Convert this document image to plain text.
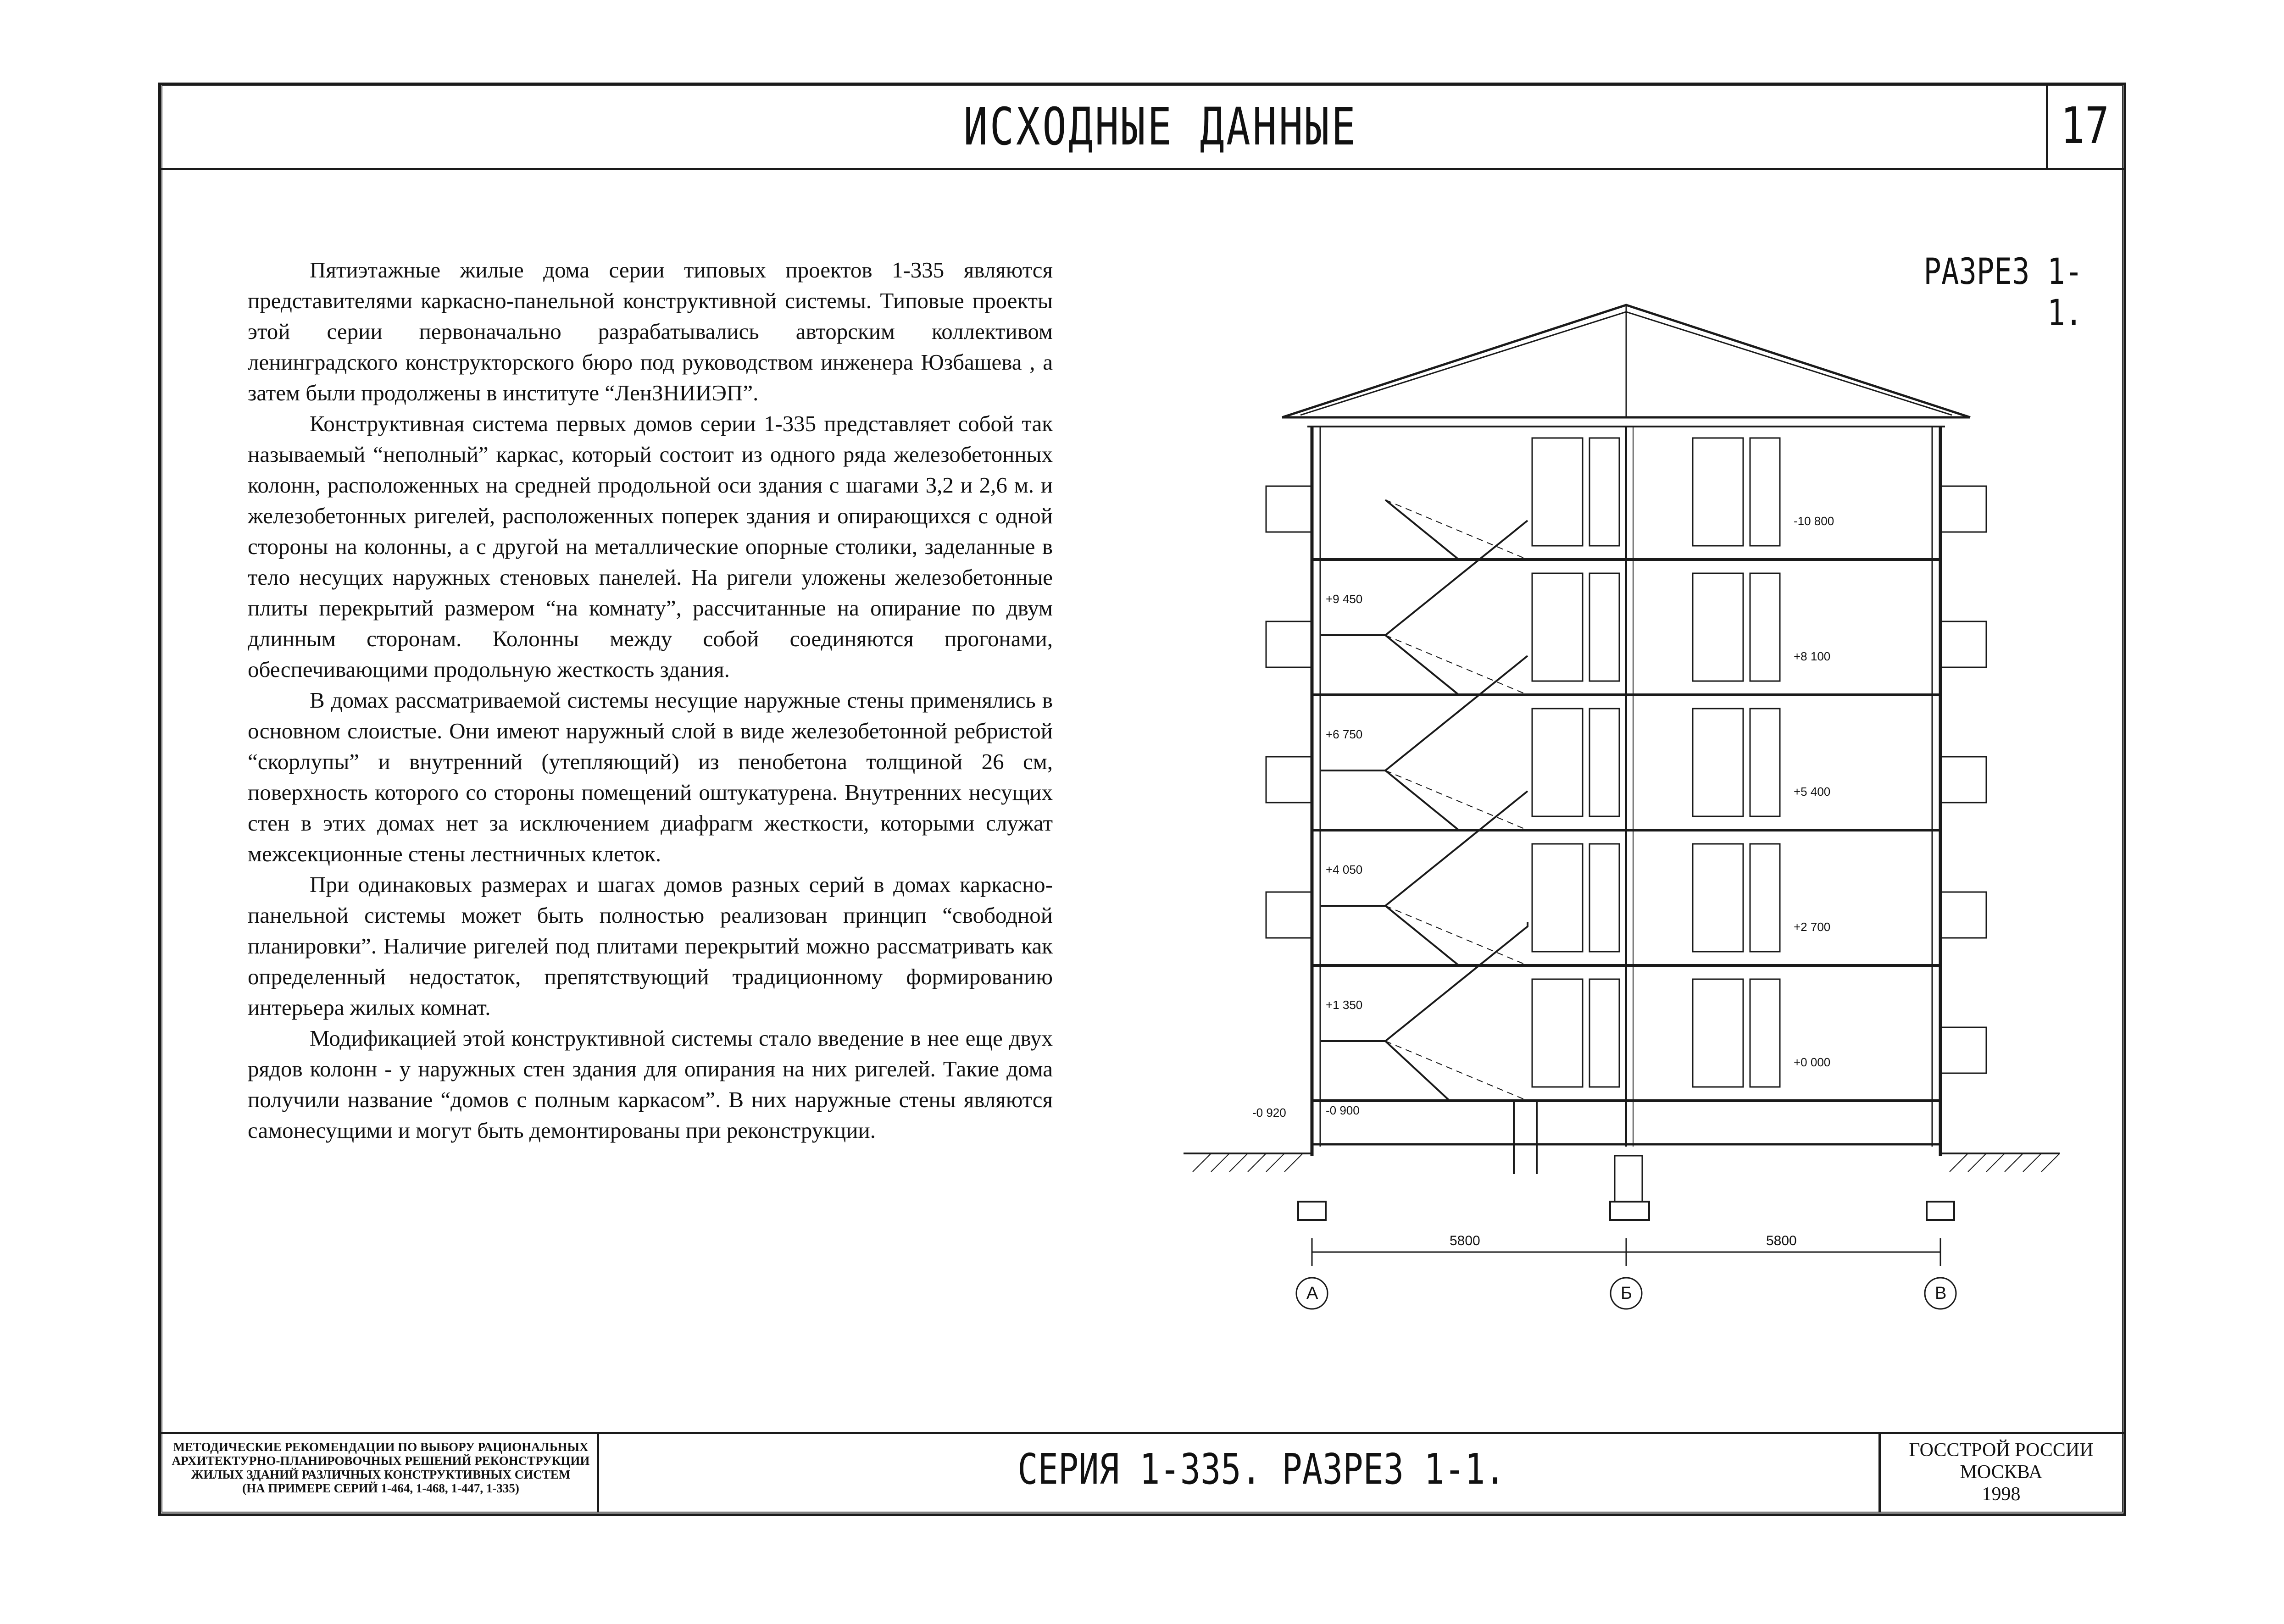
ИСХОДНЫЕ ДАННЫЕ	17

Пятиэтажные жилые дома серии типовых проектов 1-335 являются представителями каркасно-панельной конструктивной системы. Типовые проекты этой серии первоначально разрабатывались авторским коллективом ленинградского конструкторского бюро под руководством инженера Юзбашева , а затем были продолжены в институте “ЛенЗНИИЭП”.

Конструктивная система первых домов серии 1-335 представляет собой так называемый “неполный” каркас, который состоит из одного ряда железобетонных колонн, расположенных на средней продольной оси здания с шагами 3,2 и 2,6 м. и железобетонных ригелей, расположенных поперек здания и опирающихся с одной стороны на колонны, а с другой на металлические опорные столики, заделанные в тело несущих наружных стеновых панелей. На ригели уложены железобетонные плиты перекрытий размером “на комнату”, рассчитанные на опирание по двум длинным сторонам. Колонны между собой соединяются прогонами, обеспечивающими продольную жесткость здания.

В домах рассматриваемой системы несущие наружные стены применялись в основном слоистые. Они имеют наружный слой в виде железобетонной ребристой “скорлупы” и внутренний (утепляющий) из пенобетона толщиной 26 см, поверхность которого со стороны помещений оштукатурена. Внутренних несущих стен в этих домах нет за исключением диафрагм жесткости, которыми служат межсекционные стены лестничных клеток.

При одинаковых размерах и шагах домов разных серий в домах каркасно-панельной системы может быть полностью реализован принцип “свободной планировки”. Наличие ригелей под плитами перекрытий можно рассматривать как определенный недостаток, препятствующий традиционному формированию интерьера жилых комнат.

Модификацией этой конструктивной системы стало введение в нее еще двух рядов колонн - у наружных стен здания для опирания на них ригелей. Такие дома получили название “домов с полным каркасом”. В них наружные стены являются самонесущими и могут быть демонтированы при реконструкции.

РАЗРЕЗ 1-1.
+9 450
+6 750
+4 050
+1 350
-0 900
-10 800
+8 100
+5 400
+2 700
+0 000
-0 920
5800	5800
А	Б	В
МЕТОДИЧЕСКИЕ РЕКОМЕНДАЦИИ ПО ВЫБОРУ РАЦИОНАЛЬНЫХ
АРХИТЕКТУРНО-ПЛАНИРОВОЧНЫХ РЕШЕНИЙ РЕКОНСТРУКЦИИ
ЖИЛЫХ ЗДАНИЙ РАЗЛИЧНЫХ КОНСТРУКТИВНЫХ СИСТЕМ
(НА ПРИМЕРЕ СЕРИЙ 1-464, 1-468, 1-447, 1-335)	СЕРИЯ 1-335. РАЗРЕЗ 1-1.	ГОССТРОЙ РОССИИ
МОСКВА
1998
